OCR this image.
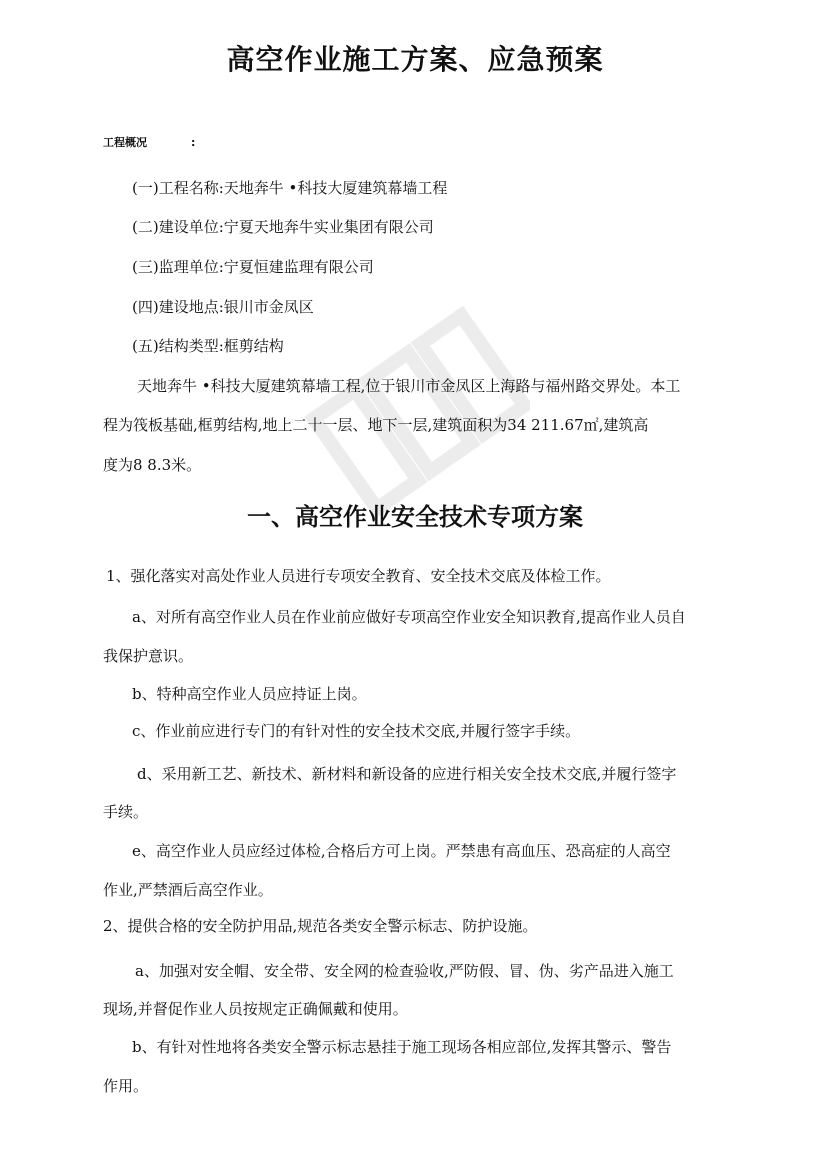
高空作业施工方案、应急预案
工程概况	:
(一)工程名称:天地奔牛 •科技大厦建筑幕墙工程
(二)建设单位:宁夏天地奔牛实业集团有限公司
(三)监理单位:宁夏恒建监理有限公司
(四)建设地点:银川市金凤区
(五)结构类型:框剪结构
天地奔牛 •科技大厦建筑幕墙工程,位于银川市金凤区上海路与福州路交界处。本工
程为筏板基础,框剪结构,地上二十一层、地下一层,建筑面积为34 211.67㎡,建筑高
度为8 8.3米。
一、高空作业安全技术专项方案
1、强化落实对高处作业人员进行专项安全教育、安全技术交底及体检工作。
a、对所有高空作业人员在作业前应做好专项高空作业安全知识教育,提高作业人员自
我保护意识。
b、特种高空作业人员应持证上岗。
c、作业前应进行专门的有针对性的安全技术交底,并履行签字手续。
d、采用新工艺、新技术、新材料和新设备的应进行相关安全技术交底,并履行签字
手续。
e、高空作业人员应经过体检,合格后方可上岗。严禁患有高血压、恐高症的人高空
作业,严禁酒后高空作业。
2、提供合格的安全防护用品,规范各类安全警示标志、防护设施。
a、加强对安全帽、安全带、安全网的检查验收,严防假、冒、伪、劣产品进入施工
现场,并督促作业人员按规定正确佩戴和使用。
b、有针对性地将各类安全警示标志悬挂于施工现场各相应部位,发挥其警示、警告
作用。
